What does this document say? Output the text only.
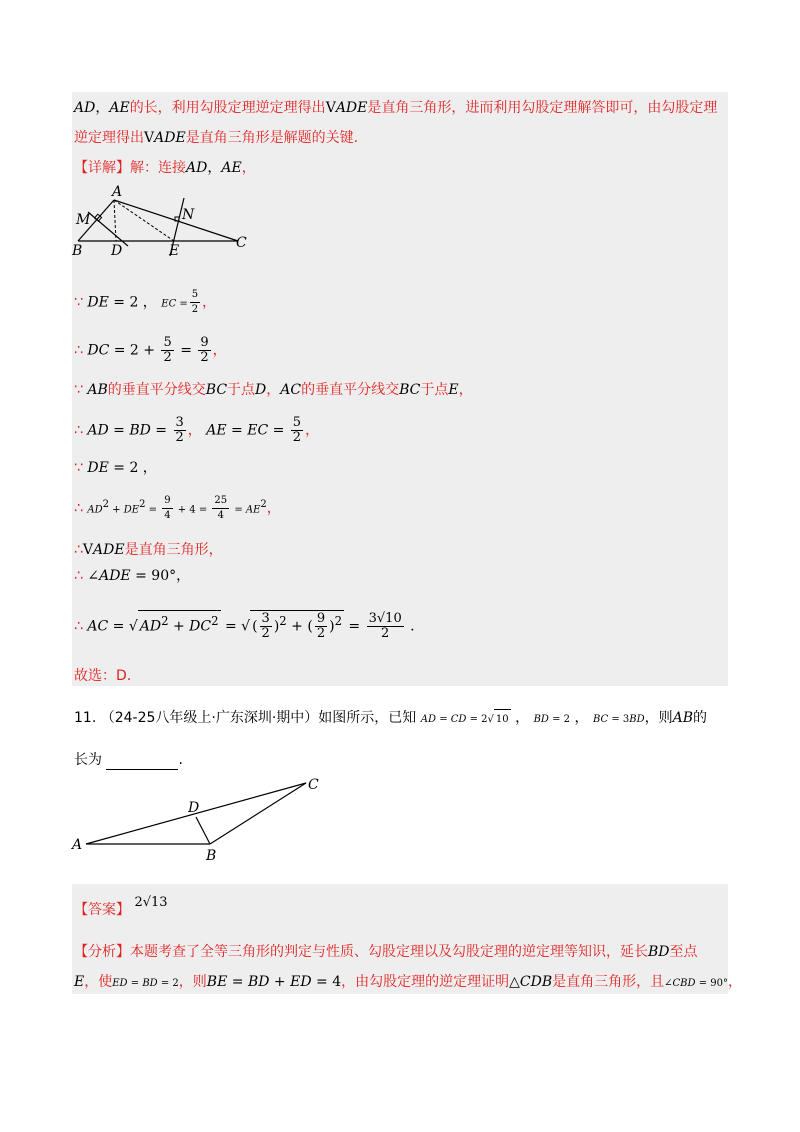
AD，AE的长，利用勾股定理逆定理得出VADE是直角三角形，进而利用勾股定理解答即可，由勾股定理
逆定理得出VADE是直角三角形是解题的关键.
【详解】解：连接AD，AE，
A
M	N
B D	E	C
∵ DE = 2 ， EC = $\frac{5}{2}$ ，
∴ DC = $2 + \frac{5}{2} = \frac{9}{2}$ ，
∵ AB的垂直平分线交BC于点D，AC的垂直平分线交BC于点E，
∴ AD = BD = $\frac{3}{2}$ ， AE = EC = $\frac{5}{2}$ ，
∵ DE = 2 ，
∴ $AD^2 + DE^2 = \frac{9}{4} + 4 = \frac{25}{4} = AE^2$，
∴VADE是直角三角形，
∴ ∠ADE = 90°，
∴ AC = √ $AD^2 + DC^2$ = √ ( $\frac{3}{2} )^2$ + ( $\frac{9}{2} )^2 = \frac{3√10}{2}$ .
故选：D.
11. （24-25八年级上·广东深圳·期中）如图所示，已知 AD = CD = 2√ 10 ， BD = 2 ， BC = 3BD，则AB的
长为	.
A
B
C
D
【答案】 2√13
【分析】本题考查了全等三角形的判定与性质、勾股定理以及勾股定理的逆定理等知识，延长BD至点
E，使ED = BD = 2，则BE = BD + ED = 4，由勾股定理的逆定理证明△CDB是直角三角形，且∠CBD = 90°，
